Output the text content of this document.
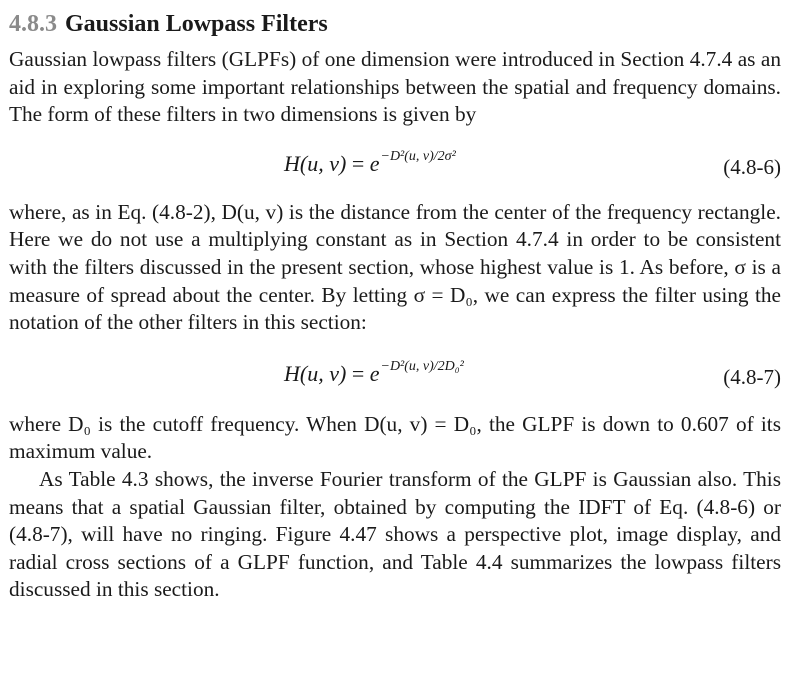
4.8.3 Gaussian Lowpass Filters

Gaussian lowpass filters (GLPFs) of one dimension were introduced in Section 4.7.4 as an aid in exploring some important relationships between the spatial and frequency domains. The form of these filters in two dimensions is given by

H(u, $v) = e^{-D^2(u, v)/2\sigma^2}$	(4.8-6)

where, as in Eq. (4.8-2), D(u, v) is the distance from the center of the frequency rectangle. Here we do not use a multiplying constant as in Section 4.7.4 in order to be consistent with the filters discussed in the present section, whose highest value is 1. As before, σ is a measure of spread about the center. By letting σ = D₀, we can express the filter using the notation of the other filters in this section:

H(u, $v) = e^{-D^2(u, v)/2D_0^2}$	(4.8-7)

where D₀ is the cutoff frequency. When D(u, v) = D₀, the GLPF is down to 0.607 of its maximum value.

As Table 4.3 shows, the inverse Fourier transform of the GLPF is Gaussian also. This means that a spatial Gaussian filter, obtained by computing the IDFT of Eq. (4.8-6) or (4.8-7), will have no ringing. Figure 4.47 shows a perspective plot, image display, and radial cross sections of a GLPF function, and Table 4.4 summarizes the lowpass filters discussed in this section.
